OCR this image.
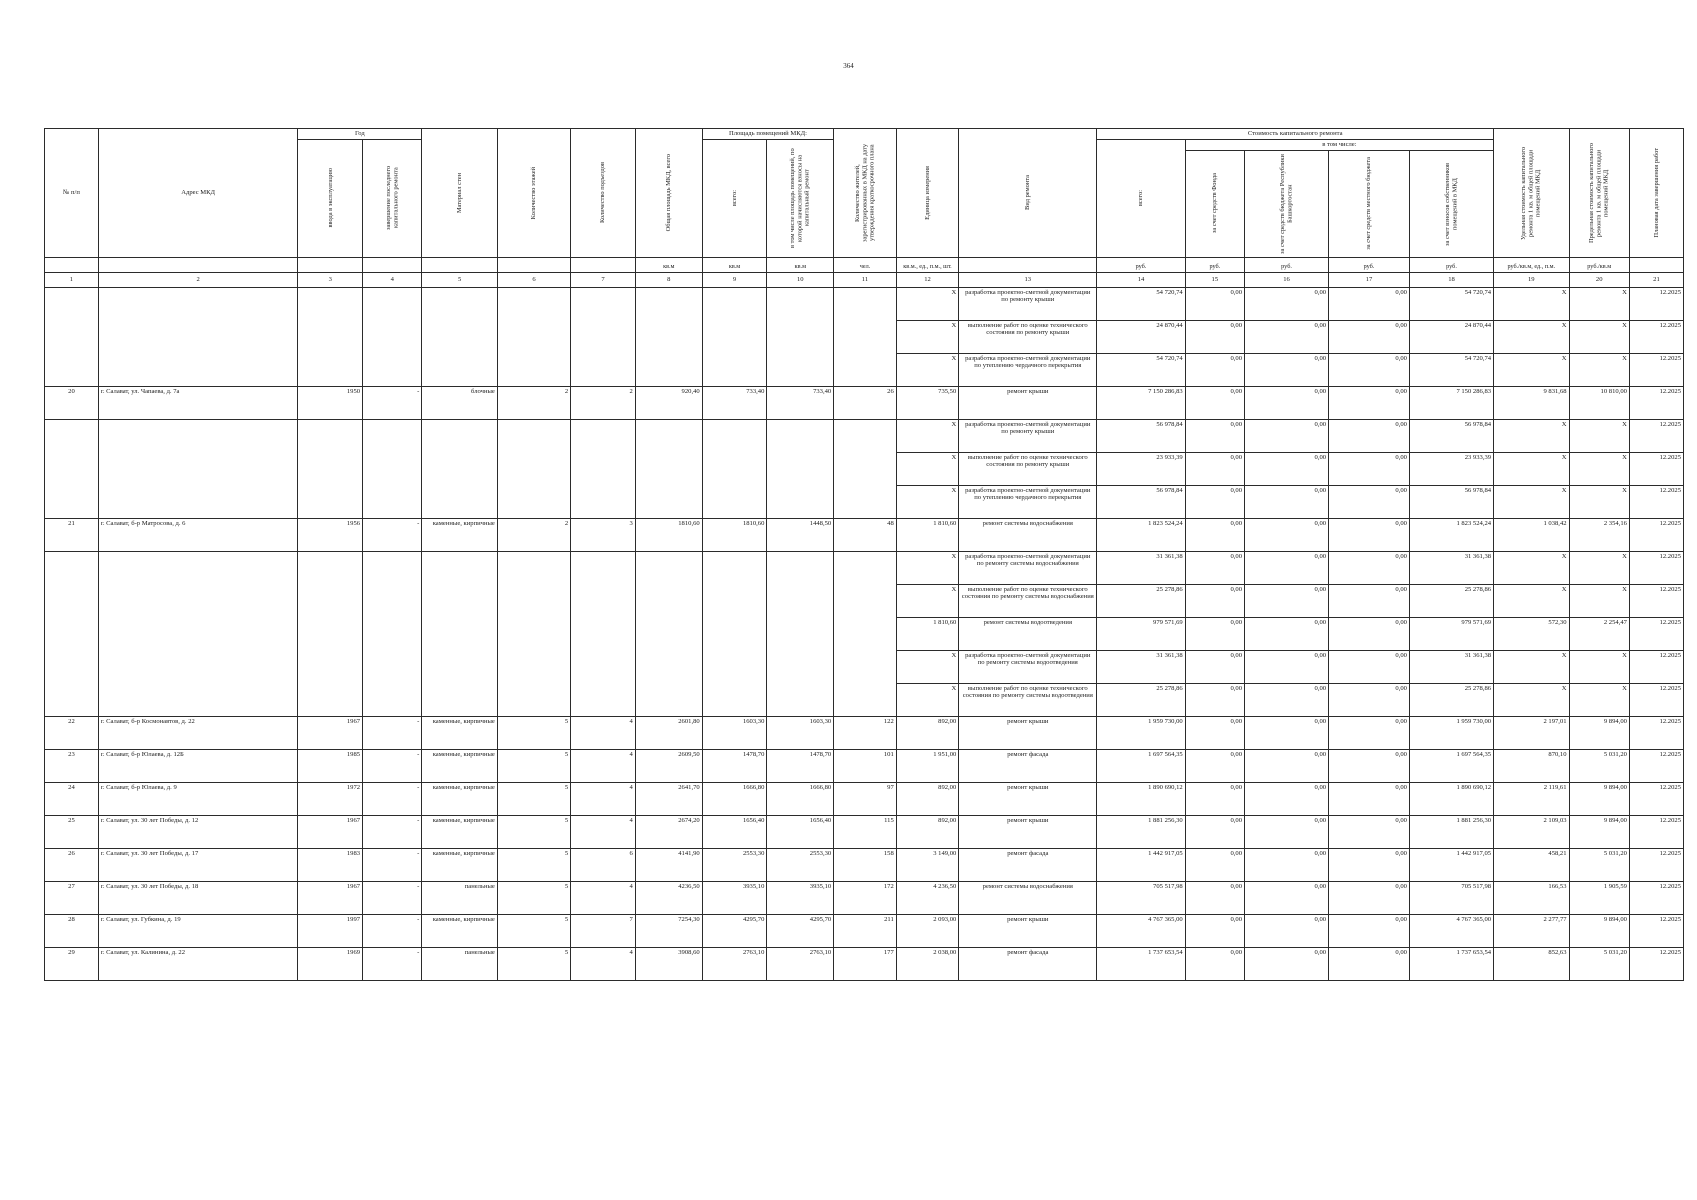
364
№ п/п	Адрес МКД	Год		Материал стен	Количество этажей	Количество подъездов	Общая площадь МКД, всего	Площадь помещений МКД:		Количество жителей, зарегистрированных в МКД на дату утверждения краткосрочного плана	Единица измерения	Вид ремонта	Стоимость капитального ремонта					Удельная стоимость капитального ремонта 1 кв. м общей площади помещений МКД	Предельная стоимость капитального ремонта 1 кв. м общей площади помещений МКД	Плановая дата завершения работ

		ввода в эксплуатацию	завершение последнего капитального ремонта					всего:	в том числе площадь помещений, по которой начисляются взносы на капитальный ремонт				всего:	в том числе:						

														за счет средств Фонда	за счет средств бюджета Республики Башкортостан	за счет средств местного бюджета	за счет взносов собственников помещений в МКД			

							кв.м	кв.м	кв.м	чел.	кв.м., ед., п.м., шт.		руб.	руб.	руб.	руб.	руб.	руб./кв.м, ед., п.м.	руб./кв.м	
1	2	3	4	5	6	7	8	9	10	11	12	13	14	15	16	17	18	19	20	21
											X	разработка проектно-сметной документации по ремонту крыши	54 720,74	0,00	0,00	0,00	54 720,74	X	X	12.2025
											X	выполнение работ по оценке технического состояния по ремонту крыши	24 870,44	0,00	0,00	0,00	24 870,44	X	X	12.2025
											X	разработка проектно-сметной документации по утеплению чердачного перекрытия	54 720,74	0,00	0,00	0,00	54 720,74	X	X	12.2025
20	г. Салават, ул. Чапаева, д. 7а	1950	-	блочные	2	2	920,40	733,40	733,40	26	735,50	ремонт крыши	7 150 286,83	0,00	0,00	0,00	7 150 286,83	9 831,68	10 810,00	12.2025
											X	разработка проектно-сметной документации по ремонту крыши	56 978,84	0,00	0,00	0,00	56 978,84	X	X	12.2025
											X	выполнение работ по оценке технического состояния по ремонту крыши	23 933,39	0,00	0,00	0,00	23 933,39	X	X	12.2025
											X	разработка проектно-сметной документации по утеплению чердачного перекрытия	56 978,84	0,00	0,00	0,00	56 978,84	X	X	12.2025
21	г. Салават, б-р Матросова, д. 6	1956	-	каменные, кирпичные	2	3	1810,60	1810,60	1448,50	48	1 810,60	ремонт системы водоснабжения	1 823 524,24	0,00	0,00	0,00	1 823 524,24	1 038,42	2 354,16	12.2025
											X	разработка проектно-сметной документации по ремонту системы водоснабжения	31 361,38	0,00	0,00	0,00	31 361,38	X	X	12.2025
											X	выполнение работ по оценке технического состояния по ремонту системы водоснабжения	25 278,86	0,00	0,00	0,00	25 278,86	X	X	12.2025
											1 810,60	ремонт системы водоотведения	979 571,69	0,00	0,00	0,00	979 571,69	572,30	2 254,47	12.2025
											X	разработка проектно-сметной документации по ремонту системы водоотведения	31 361,38	0,00	0,00	0,00	31 361,38	X	X	12.2025
											X	выполнение работ по оценке технического состояния по ремонту системы водоотведения	25 278,86	0,00	0,00	0,00	25 278,86	X	X	12.2025
22	г. Салават, б-р Космонавтов, д. 22	1967	-	каменные, кирпичные	5	4	2601,80	1603,30	1603,30	122	892,00	ремонт крыши	1 959 730,00	0,00	0,00	0,00	1 959 730,00	2 197,01	9 894,00	12.2025
23	г. Салават, б-р Юлаева, д. 12Б	1985	-	каменные, кирпичные	5	4	2609,50	1478,70	1478,70	101	1 951,00	ремонт фасада	1 697 564,35	0,00	0,00	0,00	1 697 564,35	870,10	5 031,20	12.2025
24	г. Салават, б-р Юлаева, д. 9	1972	-	каменные, кирпичные	5	4	2641,70	1666,80	1666,80	97	892,00	ремонт крыши	1 890 690,12	0,00	0,00	0,00	1 890 690,12	2 119,61	9 894,00	12.2025
25	г. Салават, ул. 30 лет Победы, д. 12	1967	-	каменные, кирпичные	5	4	2674,20	1656,40	1656,40	115	892,00	ремонт крыши	1 881 256,30	0,00	0,00	0,00	1 881 256,30	2 109,03	9 894,00	12.2025
26	г. Салават, ул. 30 лет Победы, д. 17	1983	-	каменные, кирпичные	5	6	4141,90	2553,30	2553,30	158	3 149,00	ремонт фасада	1 442 917,05	0,00	0,00	0,00	1 442 917,05	458,21	5 031,20	12.2025
27	г. Салават, ул. 30 лет Победы, д. 18	1967	-	панельные	5	4	4236,50	3935,10	3935,10	172	4 236,50	ремонт системы водоснабжения	705 517,98	0,00	0,00	0,00	705 517,98	166,53	1 905,59	12.2025
28	г. Салават, ул. Губкина, д. 19	1997	-	каменные, кирпичные	5	7	7254,30	4295,70	4295,70	211	2 093,00	ремонт крыши	4 767 365,00	0,00	0,00	0,00	4 767 365,00	2 277,77	9 894,00	12.2025
29	г. Салават, ул. Калинина, д. 22	1969	-	панельные	5	4	3908,60	2763,10	2763,10	177	2 038,00	ремонт фасада	1 737 653,54	0,00	0,00	0,00	1 737 653,54	852,63	5 031,20	12.2025
